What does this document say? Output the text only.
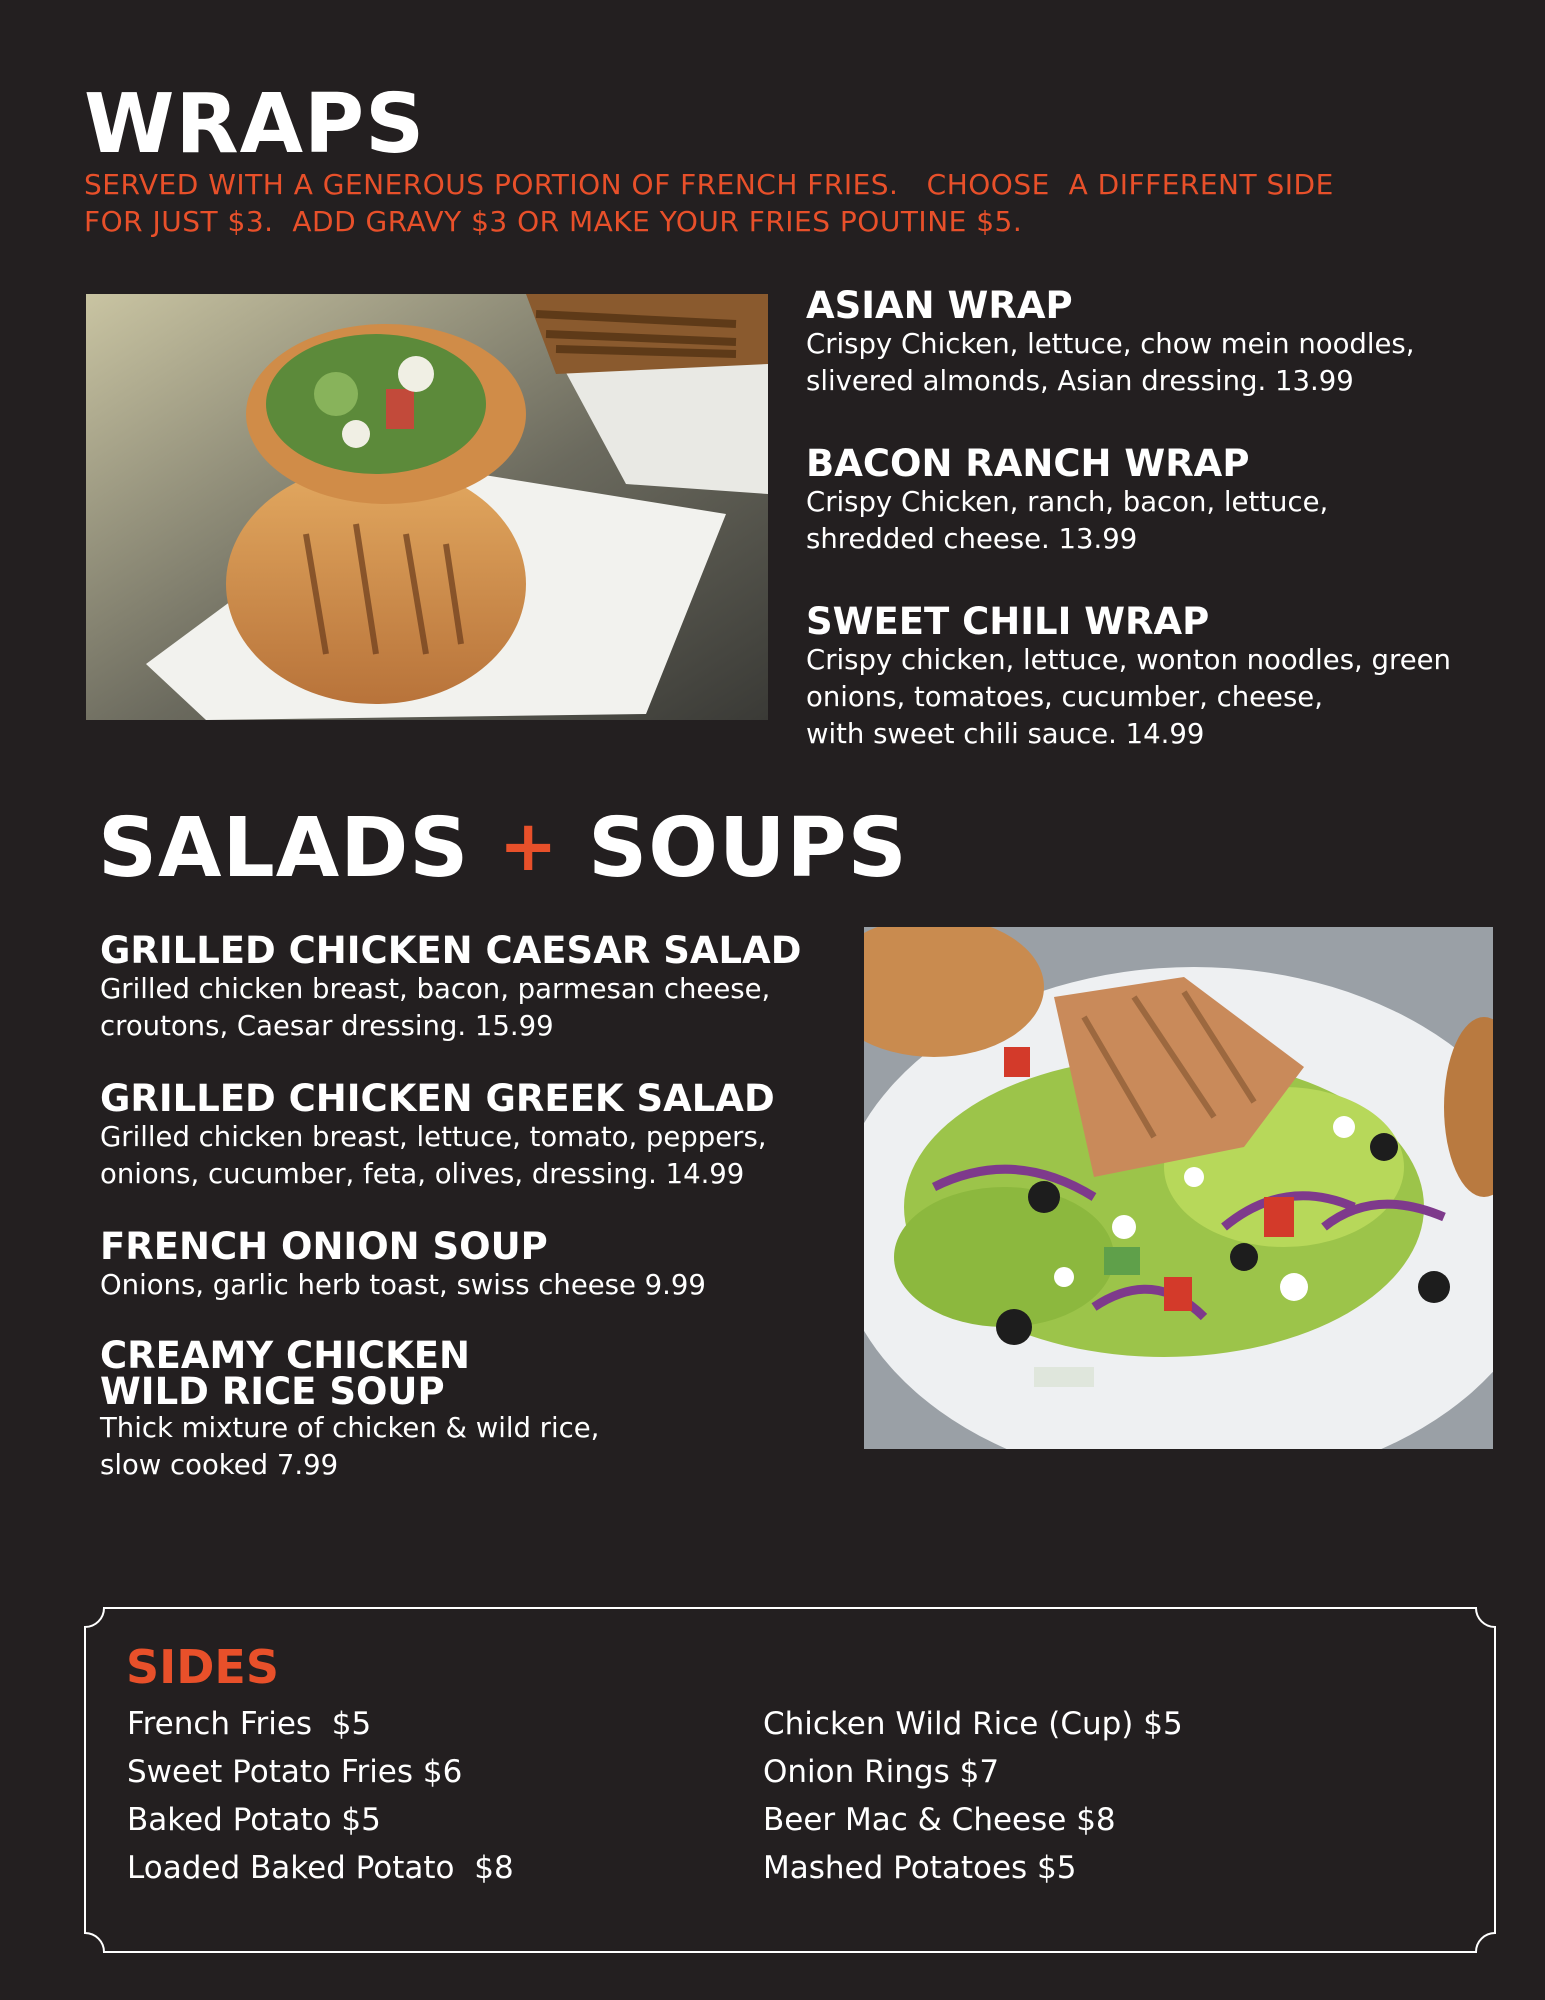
WRAPS
SERVED WITH A GENEROUS PORTION OF FRENCH FRIES.   CHOOSE  A DIFFERENT SIDE
FOR JUST $3.  ADD GRAVY $3 OR MAKE YOUR FRIES POUTINE $5.
ASIAN WRAP
Crispy Chicken, lettuce, chow mein noodles,
slivered almonds, Asian dressing. 13.99
BACON RANCH WRAP
Crispy Chicken, ranch, bacon, lettuce,
shredded cheese. 13.99
SWEET CHILI WRAP
Crispy chicken, lettuce, wonton noodles, green
onions, tomatoes, cucumber, cheese,
with sweet chili sauce. 14.99
SALADS + SOUPS
GRILLED CHICKEN CAESAR SALAD
Grilled chicken breast, bacon, parmesan cheese,
croutons, Caesar dressing. 15.99
GRILLED CHICKEN GREEK SALAD
Grilled chicken breast, lettuce, tomato, peppers,
onions, cucumber, feta, olives, dressing. 14.99
FRENCH ONION SOUP
Onions, garlic herb toast, swiss cheese 9.99
CREAMY CHICKEN
WILD RICE SOUP
Thick mixture of chicken & wild rice,
slow cooked 7.99
SIDES
French Fries  $5
Sweet Potato Fries $6
Baked Potato $5
Loaded Baked Potato  $8
Chicken Wild Rice (Cup) $5
Onion Rings $7
Beer Mac & Cheese $8
Mashed Potatoes $5
